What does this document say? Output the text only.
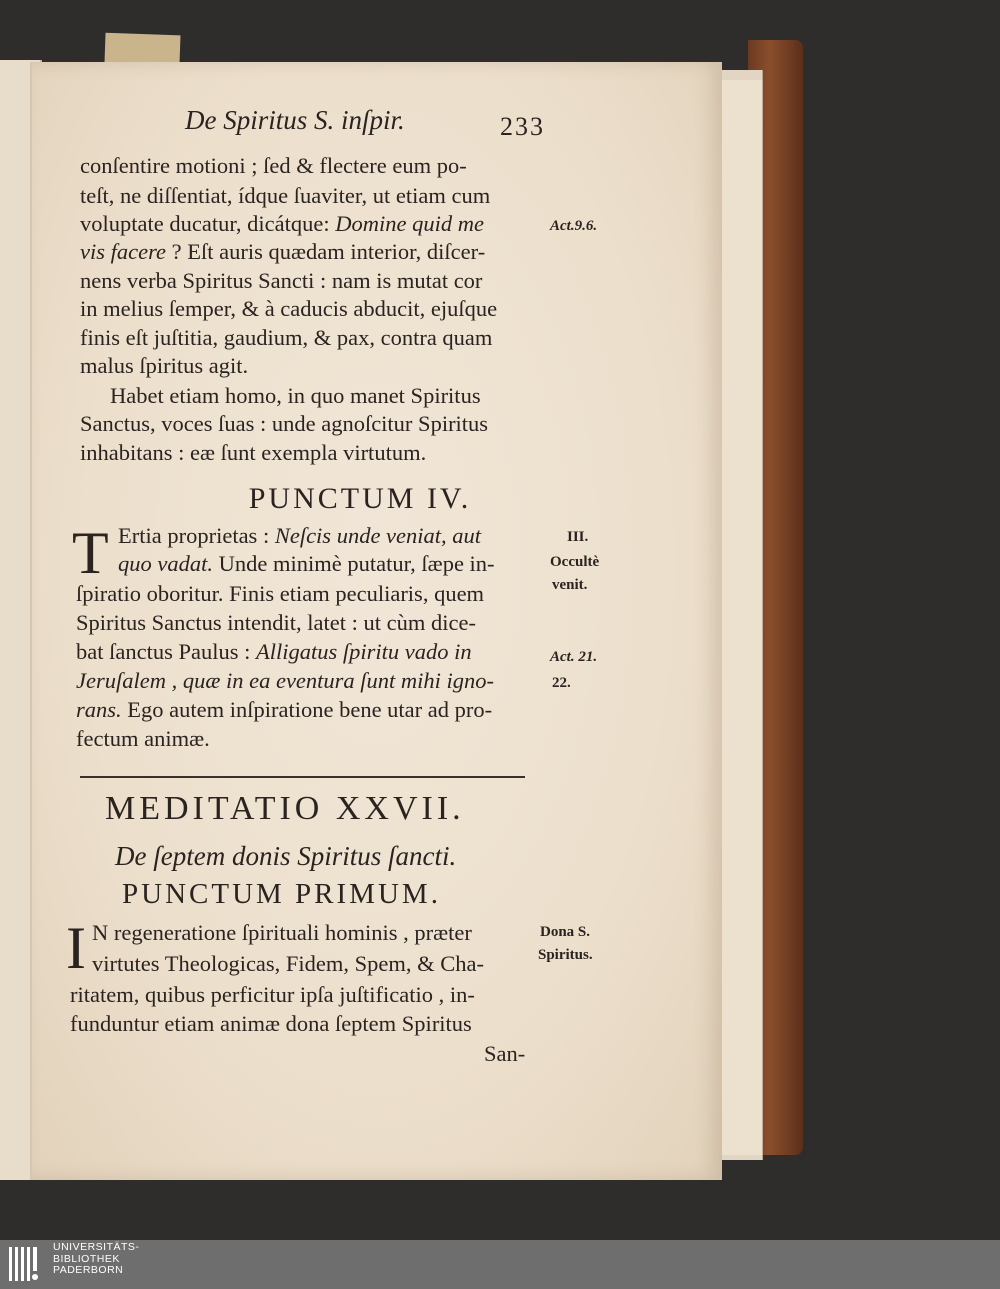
De Spiritus S. inſpir.	233
conſentire motioni ; ſed & flectere eum po-
teſt, ne diſſentiat, ídque ſuaviter, ut etiam cum
voluptate ducatur, dicátque: Domine quid me
vis facere ? Eſt auris quædam interior, diſcer-
nens verba Spiritus Sancti : nam is mutat cor
in melius ſemper, & à caducis abducit, ejuſque
finis eſt juſtitia, gaudium, & pax, contra quam
malus ſpiritus agit.
Act.9.6.
Habet etiam homo, in quo manet Spiritus
Sanctus, voces ſuas : unde agnoſcitur Spiritus
inhabitans : eæ ſunt exempla virtutum.
PUNCTUM IV.
T Ertia proprietas : Neſcis unde veniat, aut
quo vadat. Unde minimè putatur, ſæpe in-
ſpiratio oboritur. Finis etiam peculiaris, quem
Spiritus Sanctus intendit, latet : ut cùm dice-
bat ſanctus Paulus : Alligatus ſpiritu vado in
Jeruſalem , quæ in ea eventura ſunt mihi igno-
rans. Ego autem inſpiratione bene utar ad pro-
fectum animæ.
III.
Occultè
venit.
Act. 21.
22.
MEDITATIO XXVII.
De ſeptem donis Spiritus ſancti.
PUNCTUM PRIMUM.
I N regeneratione ſpirituali hominis , præter
virtutes Theologicas, Fidem, Spem, & Cha-
ritatem, quibus perficitur ipſa juſtificatio , in-
funduntur etiam animæ dona ſeptem Spiritus
San-
Dona S.
Spiritus.
UNIVERSITÄTS-
BIBLIOTHEK
PADERBORN
